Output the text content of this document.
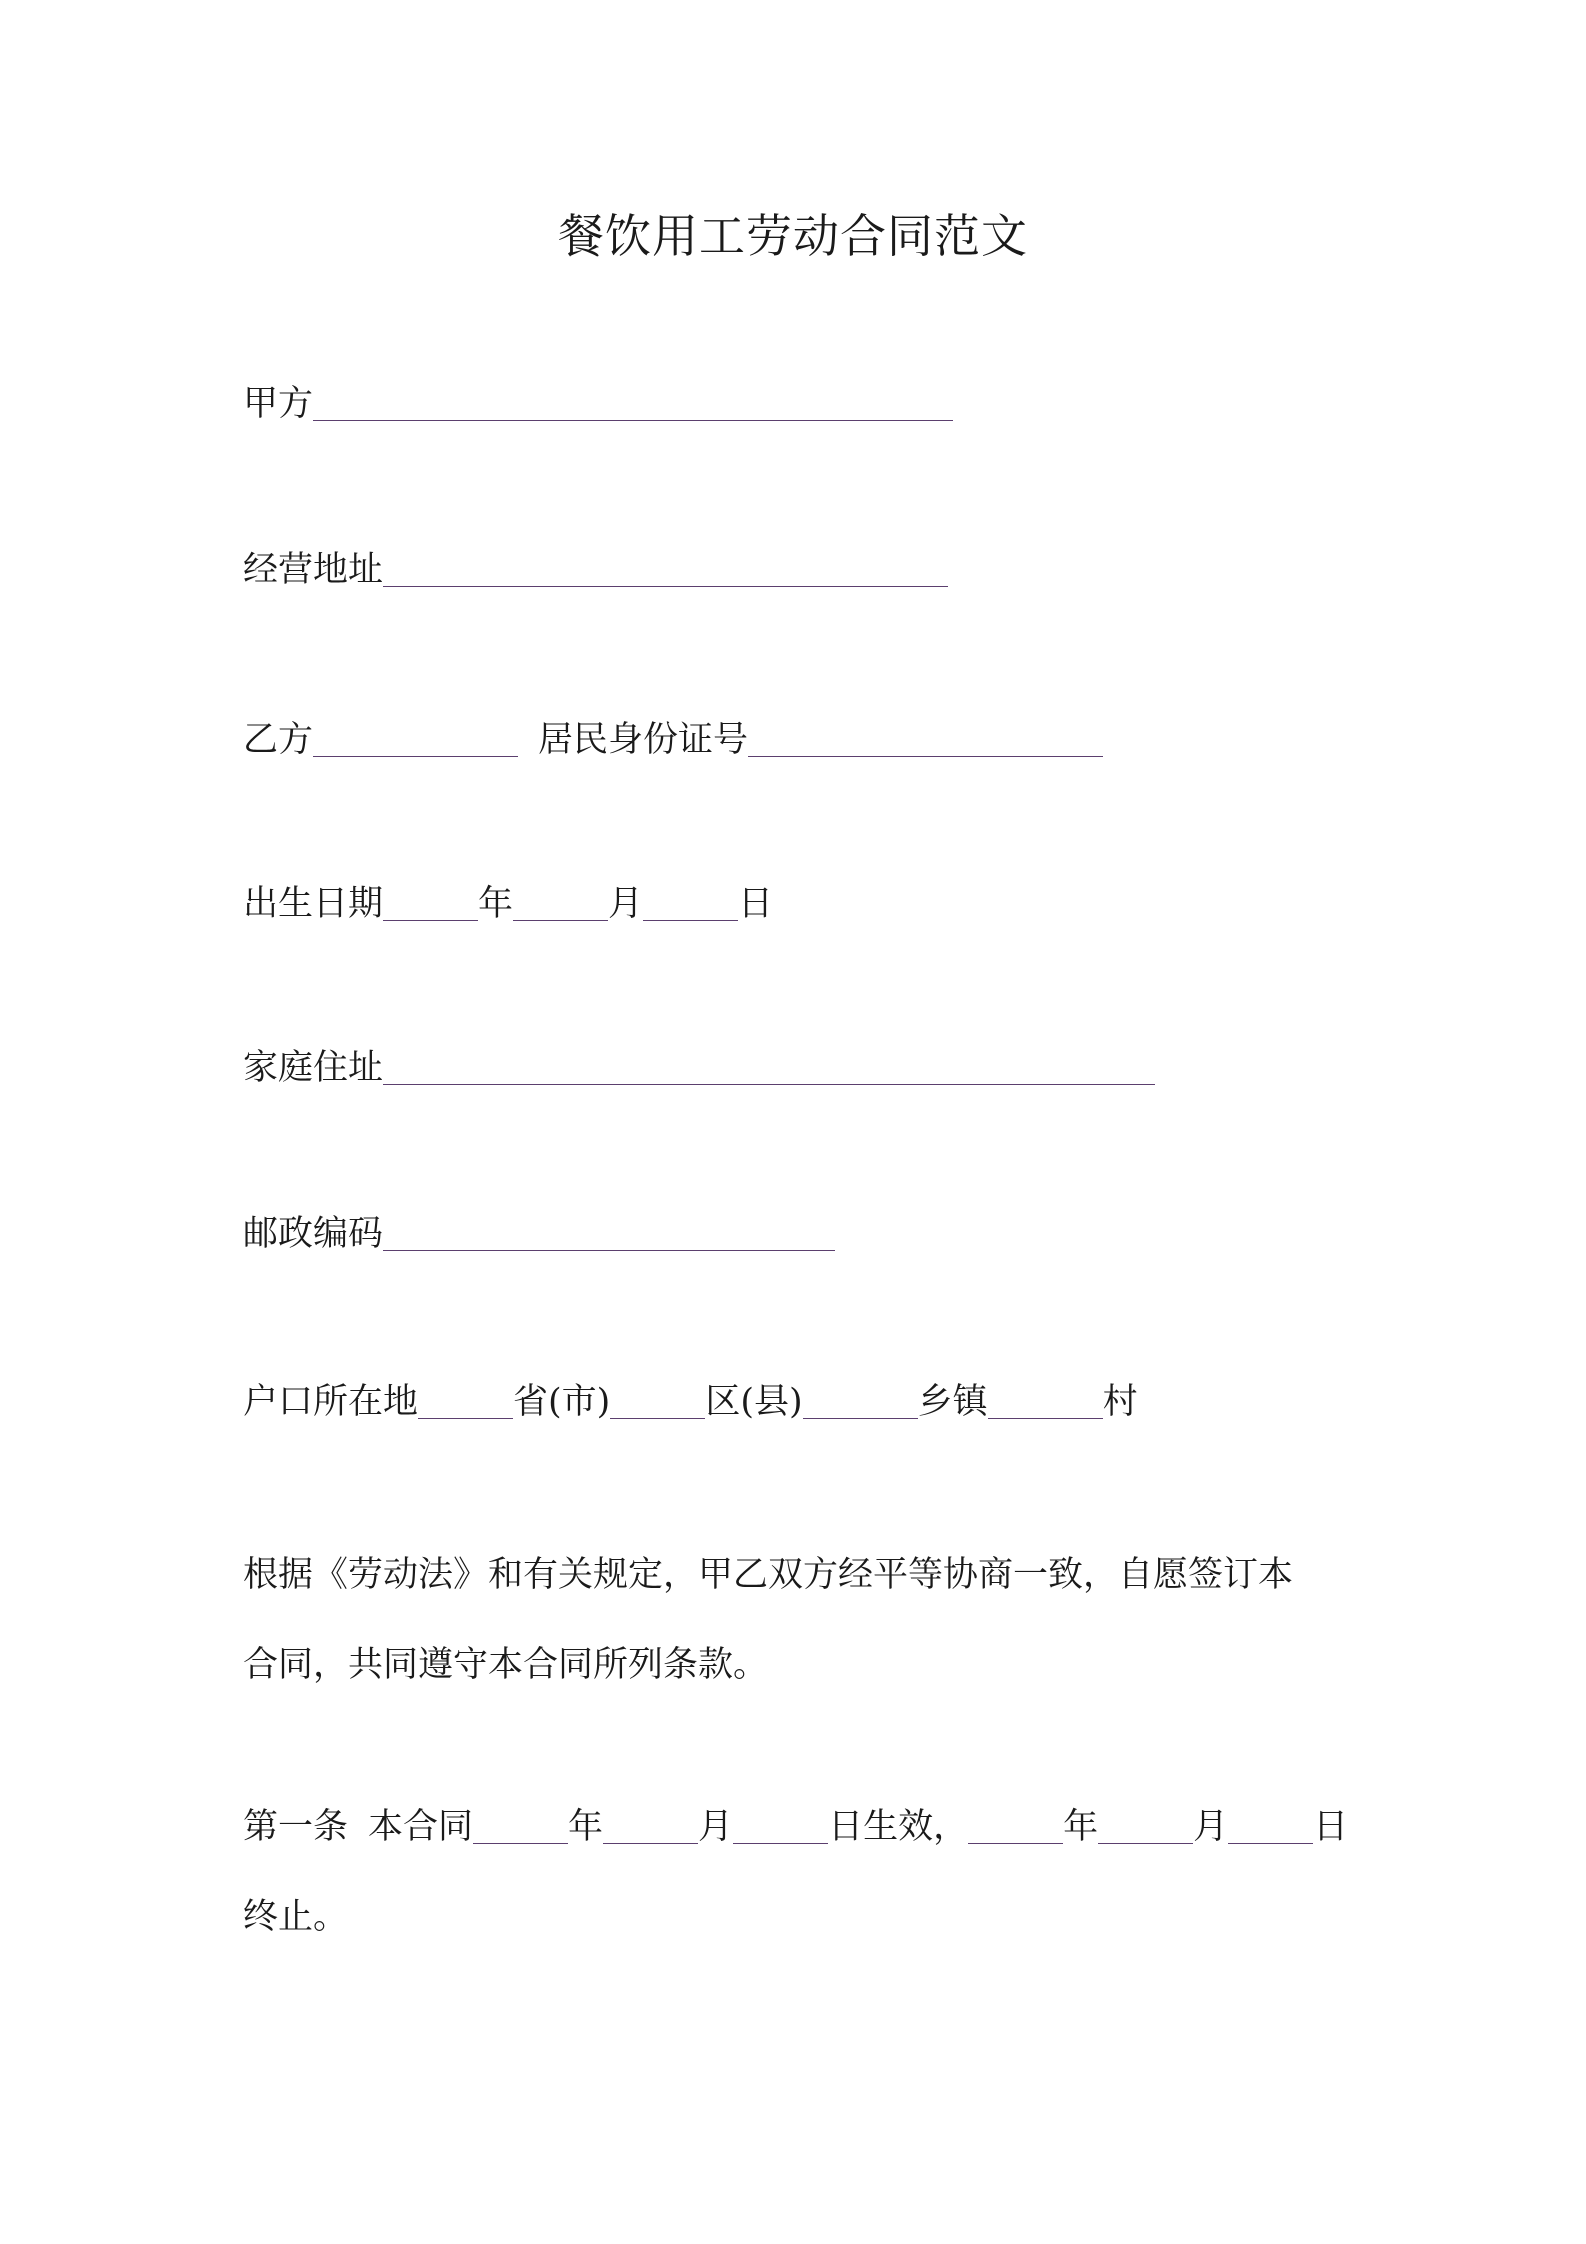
餐饮用工劳动合同范文
甲方
经营地址
乙方	居民身份证号
出生日期	年	月	日
家庭住址
邮政编码
户口所在地	省(市)	区(县)	乡镇	村
根据《劳动法》和有关规定，甲乙双方经平等协商一致，自愿签订本
合同，共同遵守本合同所列条款。
第一条 本合同	年	月	日生效，	年	月 日
终止。
